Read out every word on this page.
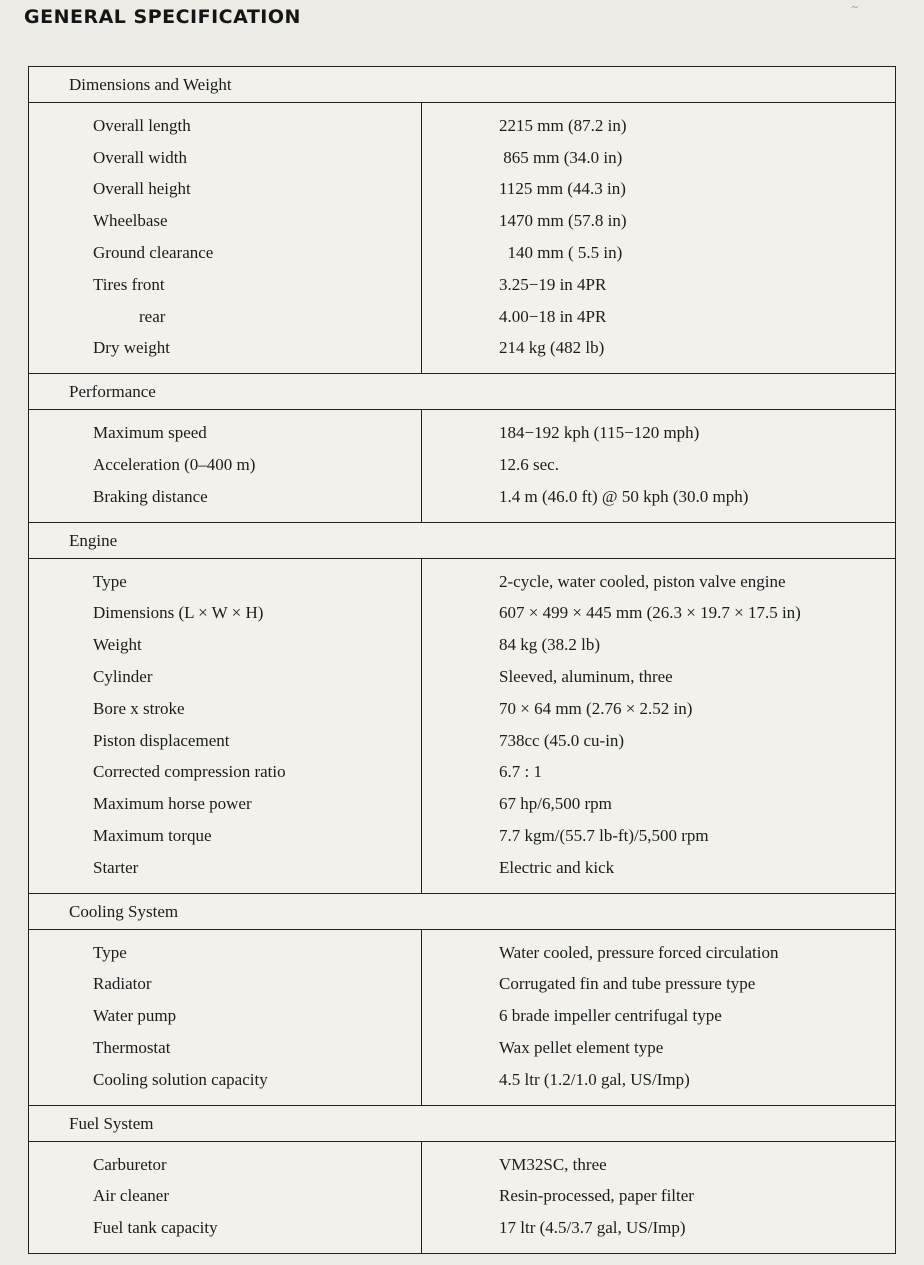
~
GENERAL SPECIFICATION
Dimensions and Weight
Overall length	2215 mm (87.2 in)
Overall width	865 mm (34.0 in)
Overall height	1125 mm (44.3 in)
Wheelbase	1470 mm (57.8 in)
Ground clearance	140 mm ( 5.5 in)
Tires front	3.25−19 in 4PR
rear	4.00−18 in 4PR
Dry weight	214 kg (482 lb)
Performance
Maximum speed	184−192 kph (115−120 mph)
Acceleration (0–400 m)	12.6 sec.
Braking distance	1.4 m (46.0 ft) @ 50 kph (30.0 mph)
Engine
Type	2-cycle, water cooled, piston valve engine
Dimensions (L × W × H)	607 × 499 × 445 mm (26.3 × 19.7 × 17.5 in)
Weight	84 kg (38.2 lb)
Cylinder	Sleeved, aluminum, three
Bore x stroke	70 × 64 mm (2.76 × 2.52 in)
Piston displacement	738cc (45.0 cu-in)
Corrected compression ratio	6.7 : 1
Maximum horse power	67 hp/6,500 rpm
Maximum torque	7.7 kgm/(55.7 lb-ft)/5,500 rpm
Starter	Electric and kick
Cooling System
Type	Water cooled, pressure forced circulation
Radiator	Corrugated fin and tube pressure type
Water pump	6 brade impeller centrifugal type
Thermostat	Wax pellet element type
Cooling solution capacity	4.5 ltr (1.2/1.0 gal, US/Imp)
Fuel System
Carburetor	VM32SC, three
Air cleaner	Resin-processed, paper filter
Fuel tank capacity	17 ltr (4.5/3.7 gal, US/Imp)
